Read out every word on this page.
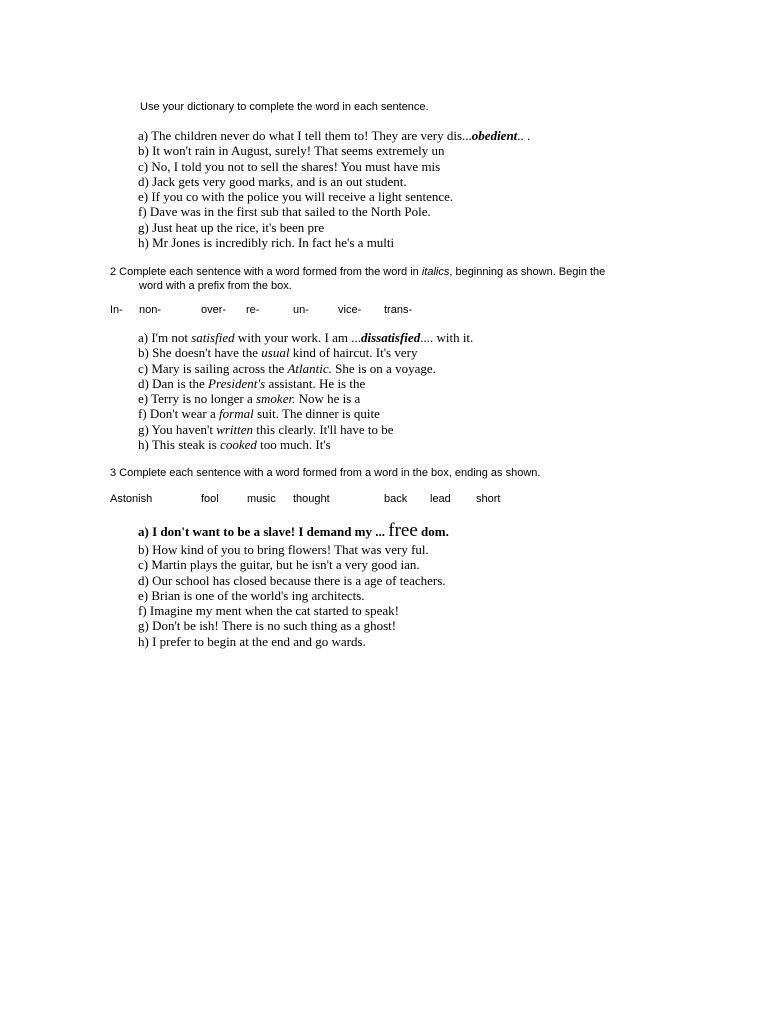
Use your dictionary to complete the word in each sentence.
a) The children never do what I tell them to! They are very dis...obedient.. .
b) It won't rain in August, surely! That seems extremely un
c) No, I told you not to sell the shares! You must have mis
d) Jack gets very good marks, and is an out student.
e) If you co with the police you will receive a light sentence.
f) Dave was in the first sub that sailed to the North Pole.
g) Just heat up the rice, it's been pre
h) Mr Jones is incredibly rich. In fact he's a multi
2 Complete each sentence with a word formed from the word in italics, beginning as shown. Begin the
word with a prefix from the box.
In- non-	over- re-	un-	vice- trans-
a) I'm not satisfied with your work. I am ...dissatisfied.... with it.
b) She doesn't have the usual kind of haircut. It's very
c) Mary is sailing across the Atlantic. She is on a voyage.
d) Dan is the President's assistant. He is the
e) Terry is no longer a smoker. Now he is a
f) Don't wear a formal suit. The dinner is quite
g) You haven't written this clearly. It'll have to be
h) This steak is cooked too much. It's
3 Complete each sentence with a word formed from a word in the box, ending as shown.
Astonish	fool	music thought	back lead short
a) I don't want to be a slave! I demand my ... free dom.
b) How kind of you to bring flowers! That was very ful.
c) Martin plays the guitar, but he isn't a very good ian.
d) Our school has closed because there is a age of teachers.
e) Brian is one of the world's ing architects.
f) Imagine my ment when the cat started to speak!
g) Don't be ish! There is no such thing as a ghost!
h) I prefer to begin at the end and go wards.
